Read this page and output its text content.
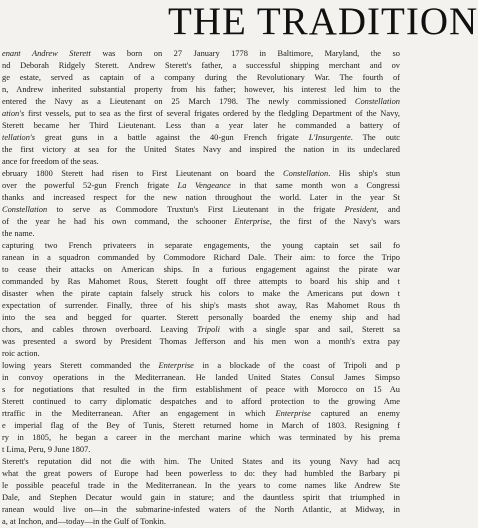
THE TRADITION
enant Andrew Sterett was born on 27 January 1778 in Baltimore, Maryland, the so
nd Deborah Ridgely Sterett. Andrew Sterett's father, a successful shipping merchant and ov
ge estate, served as captain of a company during the Revolutionary War. The fourth of
n, Andrew inherited substantial property from his father; however, his interest led him to the
entered the Navy as a Lieutenant on 25 March 1798. The newly commissioned Constellation
ation's first vessels, put to sea as the first of several frigates ordered by the fledgling Department of the Navy,
Sterett became her Third Lieutenant. Less than a year later he commanded a battery of
tellation's great guns in a battle against the 40-gun French frigate L'Insurgente. The outc
the first victory at sea for the United States Navy and inspired the nation in its undeclared
ance for freedom of the seas.
ebruary 1800 Sterett had risen to First Lieutenant on board the Constellation. His ship's stun
over the powerful 52-gun French frigate La Vengeance in that same month won a Congressi
thanks and increased respect for the new nation throughout the world. Later in the year St
Constellation to serve as Commodore Truxtun's First Lieutenant in the frigate President, and
of the year he had his own command, the schooner Enterprise, the first of the Navy's wars
the name.
capturing two French privateers in separate engagements, the young captain set sail fo
ranean in a squadron commanded by Commodore Richard Dale. Their aim: to force the Tripo
to cease their attacks on American ships. In a furious engagement against the pirate war
commanded by Ras Mahomet Rous, Sterett fought off three attempts to board his ship and t
disaster when the pirate captain falsely struck his colors to make the Americans put down t
expectation of surrender. Finally, three of his ship's masts shot away, Ras Mahomet Rous th
into the sea and begged for quarter. Sterett personally boarded the enemy ship and had
chors, and cables thrown overboard. Leaving Tripoli with a single spar and sail, Sterett sa
was presented a sword by President Thomas Jefferson and his men won a month's extra pay
roic action.
lowing years Sterett commanded the Enterprise in a blockade of the coast of Tripoli and p
in convoy operations in the Mediterranean. He landed United States Consul James Simpso
s for negotiations that resulted in the firm establishment of peace with Morocco on 15 Au
Sterett continued to carry diplomatic despatches and to afford protection to the growing Ame
rtraffic in the Mediterranean. After an engagement in which Enterprise captured an enemy
e imperial flag of the Bey of Tunis, Sterett returned home in March of 1803. Resigning f
ry in 1805, he began a career in the merchant marine which was terminated by his prema
t Lima, Peru, 9 June 1807.
Sterett's reputation did not die with him. The United States and its young Navy had acq
what the great powers of Europe had been powerless to do: they had humbled the Barbary pi
le possible peaceful trade in the Mediterranean. In the years to come names like Andrew Ste
Dale, and Stephen Decatur would gain in stature; and the dauntless spirit that triumphed in
ranean would live on—in the submarine-infested waters of the North Atlantic, at Midway, in
a, at Inchon, and—today—in the Gulf of Tonkin.
